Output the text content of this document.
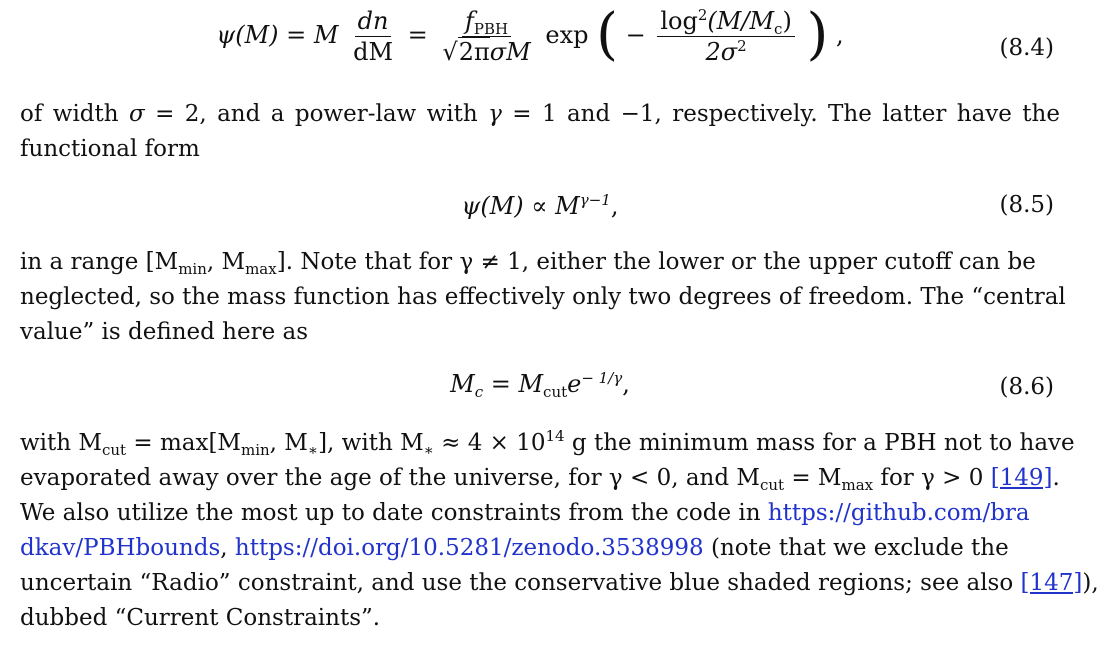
ψ(M) = M $\frac{dn}{dM} = \frac{f_{PBH}}{\text{√2πσM}}$ exp ( − $\frac{\log^2(M/M_c)}{2\sigma^2}$ ) ,	(8.4)
of width σ = 2, and a power-law with γ = 1 and −1, respectively. The latter have the
functional form
$\psi(M) \propto M^{\gamma-1}$,	(8.5)
in a range [$M_{min}$, $M_{max}$]. Note that for γ ≠ 1, either the lower or the upper cutoff can be
neglected, so the mass function has effectively only two degrees of freedom. The “central
value” is defined here as
$M_c = M_{cut}e^{- 1/\gamma}$,	(8.6)
with $M_{cut} = \max[M_{min}$, $M_∗$], with $M_∗ \approx 4 \times 10^{14}$ g the minimum mass for a PBH not to have
evaporated away over the age of the universe, for γ < 0, and $M_{cut} = M_{max}$ for γ > 0 [149].
We also utilize the most up to date constraints from the code in https://github.com/bra
dkav/PBHbounds, https://doi.org/10.5281/zenodo.3538998 (note that we exclude the
uncertain “Radio” constraint, and use the conservative blue shaded regions; see also [147]),
dubbed “Current Constraints”.
